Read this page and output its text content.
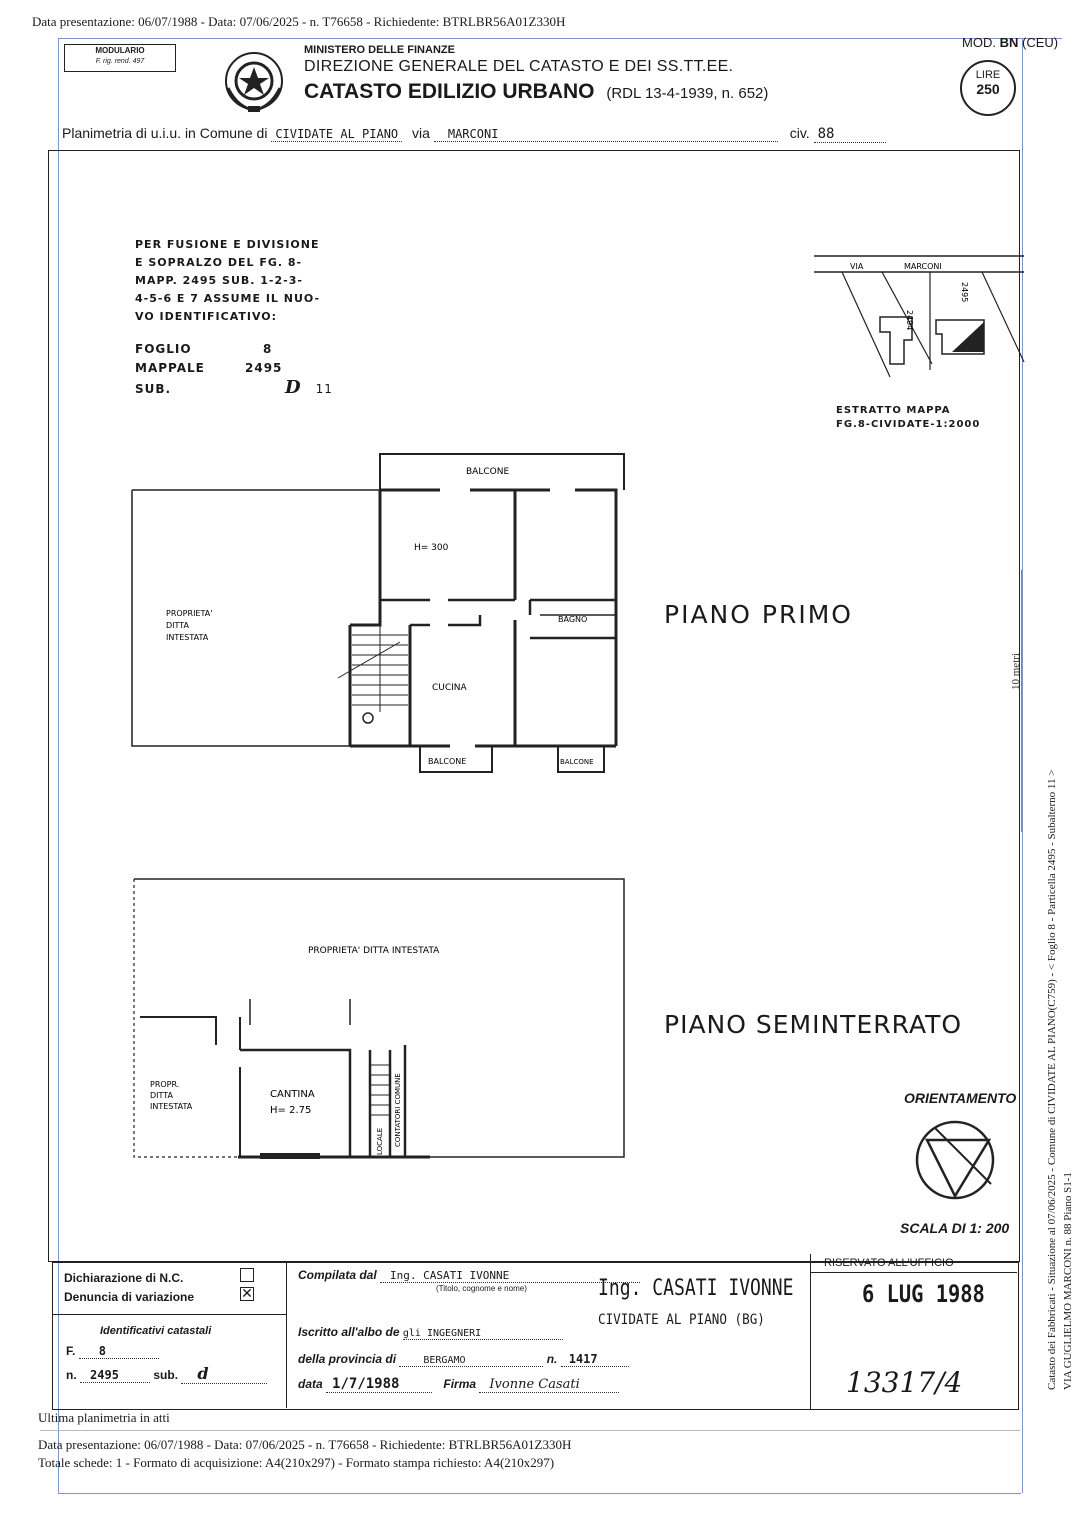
Data presentazione: 06/07/1988 - Data: 07/06/2025 - n. T76658 - Richiedente: BTRLBR56A01Z330H
MODULARIO
F. rig. rend. 497
MINISTERO DELLE FINANZE
DIREZIONE GENERALE DEL CATASTO E DEI SS.TT.EE.
CATASTO EDILIZIO URBANO (RDL 13-4-1939, n. 652)
MOD. BN (CEU)
LIRE
250
Planimetria di u.i.u. in Comune di CIVIDATE AL PIANO via MARCONI	civ. 88
PER FUSIONE E DIVISIONE
E SOPRALZO DEL FG. 8-
MAPP. 2495 SUB. 1-2-3-
4-5-6 E 7 ASSUME IL NUO-
VO IDENTIFICATIVO:
FOGLIO	8
MAPPALE	2495
SUB.	D 11
VIA	MARCONI
2494
2495
ESTRATTO MAPPA
FG.8-CIVIDATE-1:2000
BALCONE
H= 300
BAGNO
CUCINA
PROPRIETA'
DITTA
INTESTATA
BALCONE	BALCONE
PIANO PRIMO
PROPRIETA' DITTA INTESTATA
PROPR.
DITTA
INTESTATA
CANTINA
H= 2.75
LOCALE CONTATORI COMUNE
PIANO SEMINTERRATO
10 metri
ORIENTAMENTO
SCALA DI 1: 200
Dichiarazione di N.C.
Denuncia di variazione	✕
Identificativi catastali
F. 8
n. 2495	sub. d
Compilata dal Ing. CASATI IVONNE
(Titolo, cognome e nome)	Ing. CASATI IVONNE
CIVIDATE AL PIANO (BG)
Iscritto all'albo de gli INGEGNERI
della provincia di	BERGAMO	n. 1417
data 1/7/1988	Firma Ivonne Casati
RISERVATO ALL'UFFICIO
6 LUG 1988
13317/4	Catasto dei Fabbricati - Situazione al 07/06/2025 - Comune di CIVIDATE AL PIANO(C759) - < Foglio 8 - Particella 2495 - Subalterno 11 > VIA GUGLIELMO MARCONI n. 88 Piano S1-1
Ultima planimetria in atti
Data presentazione: 06/07/1988 - Data: 07/06/2025 - n. T76658 - Richiedente: BTRLBR56A01Z330H
Totale schede: 1 - Formato di acquisizione: A4(210x297) - Formato stampa richiesto: A4(210x297)
